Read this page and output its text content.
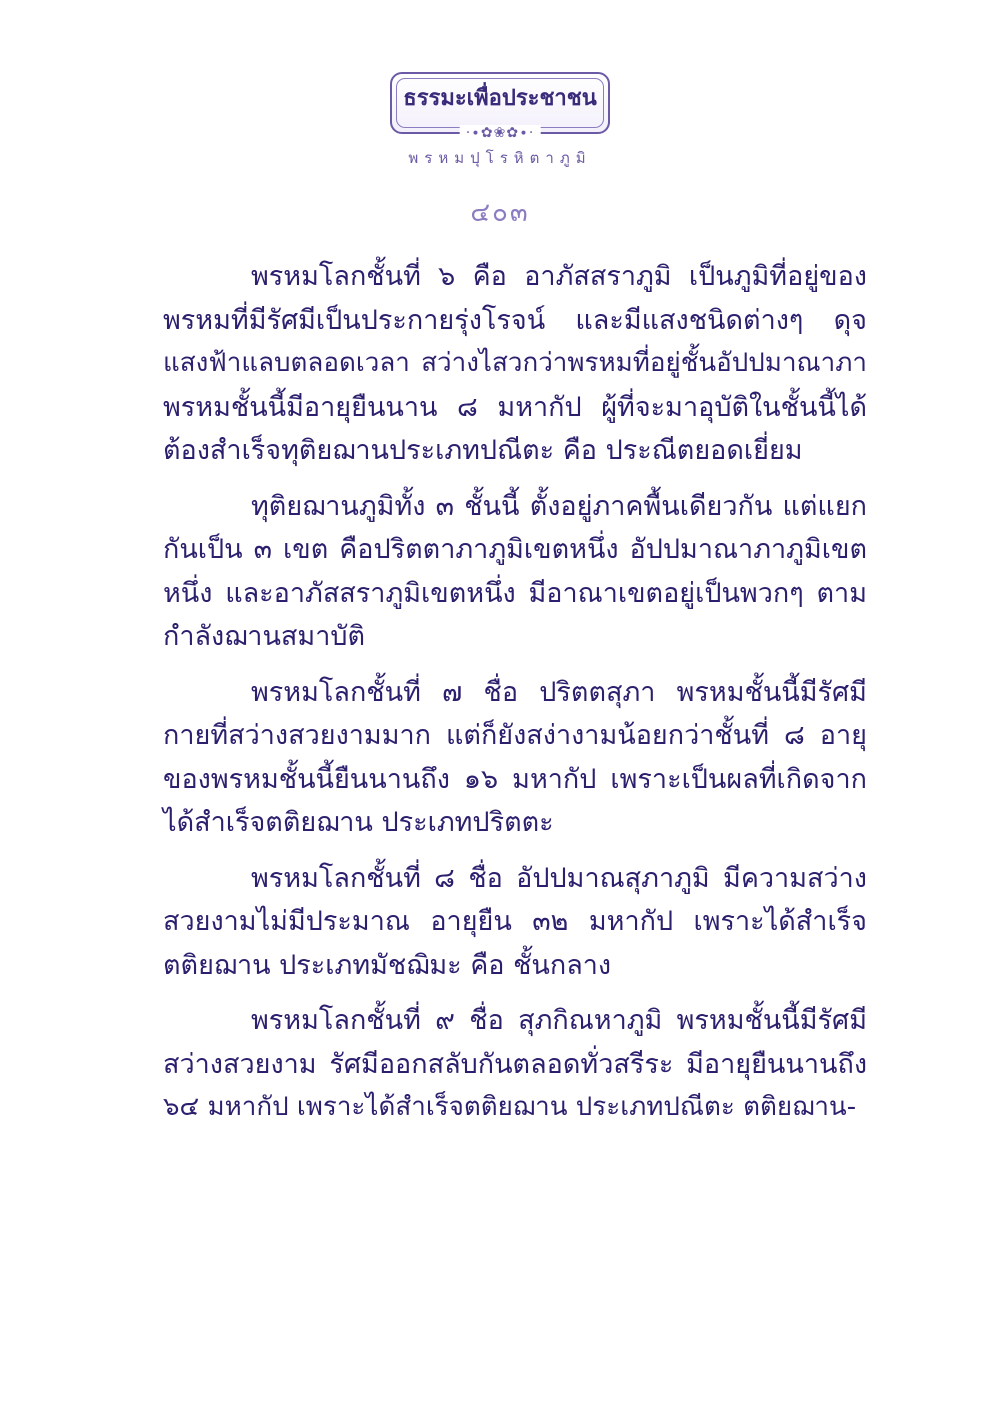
ธรรมะเพื่อประชาชน
·∙✿❀✿∙·
พรหมปุโรหิตาภูมิ
๔๐๓

พรหมโลกชั้นที่ ๖ คือ อาภัสสราภูมิ เป็นภูมิที่อยู่ของ
พรหมที่มีรัศมีเป็นประกายรุ่งโรจน์ และมีแสงชนิดต่างๆ ดุจ
แสงฟ้าแลบตลอดเวลา สว่างไสวกว่าพรหมที่อยู่ชั้นอัปปมาณาภา
พรหมชั้นนี้มีอายุยืนนาน ๘ มหากัป ผู้ที่จะมาอุบัติในชั้นนี้ได้
ต้องสำเร็จทุติยฌานประเภทปณีตะ คือ ประณีตยอดเยี่ยม

ทุติยฌานภูมิทั้ง ๓ ชั้นนี้ ตั้งอยู่ภาคพื้นเดียวกัน แต่แยก
กันเป็น ๓ เขต คือปริตตาภาภูมิเขตหนึ่ง อัปปมาณาภาภูมิเขต
หนึ่ง และอาภัสสราภูมิเขตหนึ่ง มีอาณาเขตอยู่เป็นพวกๆ ตาม
กำลังฌานสมาบัติ

พรหมโลกชั้นที่ ๗ ชื่อ ปริตตสุภา พรหมชั้นนี้มีรัศมี
กายที่สว่างสวยงามมาก แต่ก็ยังสง่างามน้อยกว่าชั้นที่ ๘ อายุ
ของพรหมชั้นนี้ยืนนานถึง ๑๖ มหากัป เพราะเป็นผลที่เกิดจาก
ได้สำเร็จตติยฌาน ประเภทปริตตะ

พรหมโลกชั้นที่ ๘ ชื่อ อัปปมาณสุภาภูมิ มีความสว่าง
สวยงามไม่มีประมาณ อายุยืน ๓๒ มหากัป เพราะได้สำเร็จ
ตติยฌาน ประเภทมัชฌิมะ คือ ชั้นกลาง

พรหมโลกชั้นที่ ๙ ชื่อ สุภกิณหาภูมิ พรหมชั้นนี้มีรัศมี
สว่างสวยงาม รัศมีออกสลับกันตลอดทั่วสรีระ มีอายุยืนนานถึง
๖๔ มหากัป เพราะได้สำเร็จตติยฌาน ประเภทปณีตะ ตติยฌาน-
